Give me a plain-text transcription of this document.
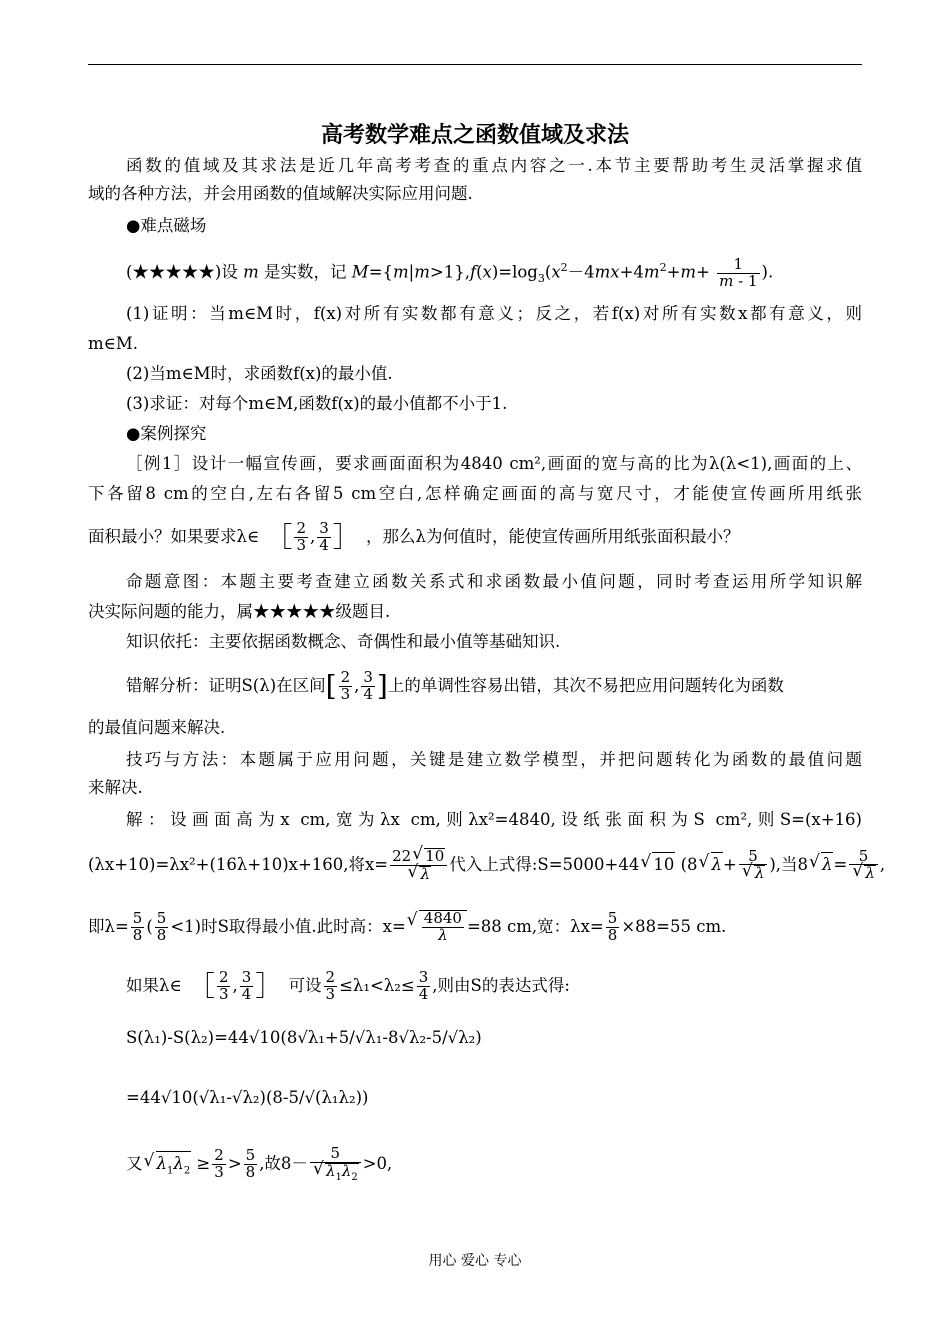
高考数学难点之函数值域及求法
函数的值域及其求法是近几年高考考查的重点内容之一.本节主要帮助考生灵活掌握求值
域的各种方法，并会用函数的值域解决实际应用问题.
●难点磁场
(★★★★★)设 m 是实数，记 $M=\{m|m>1\},f(x)=\log_3(x^2-4mx+4m^2+m+ \frac{1}{m - 1}$ ).
(1)证明：当m∈M时，f(x)对所有实数都有意义；反之，若f(x)对所有实数x都有意义，则
m∈M.
(2)当m∈M时，求函数f(x)的最小值.
(3)求证：对每个m∈M,函数f(x)的最小值都不小于1.
●案例探究
［例1］设计一幅宣传画，要求画面面积为4840 cm²,画面的宽与高的比为λ(λ<1),画面的上、
下各留8 cm的空白,左右各留5 cm空白,怎样确定画面的高与宽尺寸，才能使宣传画所用纸张
面积最小？如果要求λ∈ ［ $\frac{2}{3}$ , $\frac{3}{4}$ ］ ，那么λ为何值时，能使宣传画所用纸张面积最小？
命题意图：本题主要考查建立函数关系式和求函数最小值问题，同时考查运用所学知识解
决实际问题的能力，属★★★★★级题目.
知识依托：主要依据函数概念、奇偶性和最小值等基础知识.
错解分析：证明S(λ)在区间[ $\frac{2}{3}$ , $\frac{3}{4}$ ]上的单调性容易出错，其次不易把应用问题转化为函数
的最值问题来解决.
技巧与方法：本题属于应用问题，关键是建立数学模型，并把问题转化为函数的最值问题
来解决.
解：设画面高为x cm,宽为λx cm,则λx²=4840,设纸张面积为S cm²,则S=(x+16)
(λx+10)=λx²+(16λ+10)x+160,将x= 22 √ 10
√ λ 代入上式得:S=5000+44 √ 10 (8 √ λ+ 5
√ λ ),当8 √ λ= 5
√ λ ,
即$\lambda= \frac{5}{8}$ ( $\frac{5}{8} <1$)时S取得最小值.此时高：x= √ $\frac{4840}{\lambda} =88$ cm,宽：$\lambda x= \frac{5}{8} \times 88=55$ cm.
如果λ∈ ［ $\frac{2}{3}$ , $\frac{3}{4}$ ］ 可设 $\frac{2}{3} \le\lambda_1<\lambda_2\le \frac{3}{4}$ ,则由S的表达式得:
S(λ₁)-S(λ₂)=44√10(8√λ₁+5/√λ₁-8√λ₂-5/√λ₂)
=44√10(√λ₁-√λ₂)(8-5/√(λ₁λ₂))
又 √ $\lambda_1\lambda_2 \ge \frac{2}{3} > \frac{5}{8}$ ,故8－ 5
√ $\lambda_1\lambda_2 >0$,
用心 爱心 专心
